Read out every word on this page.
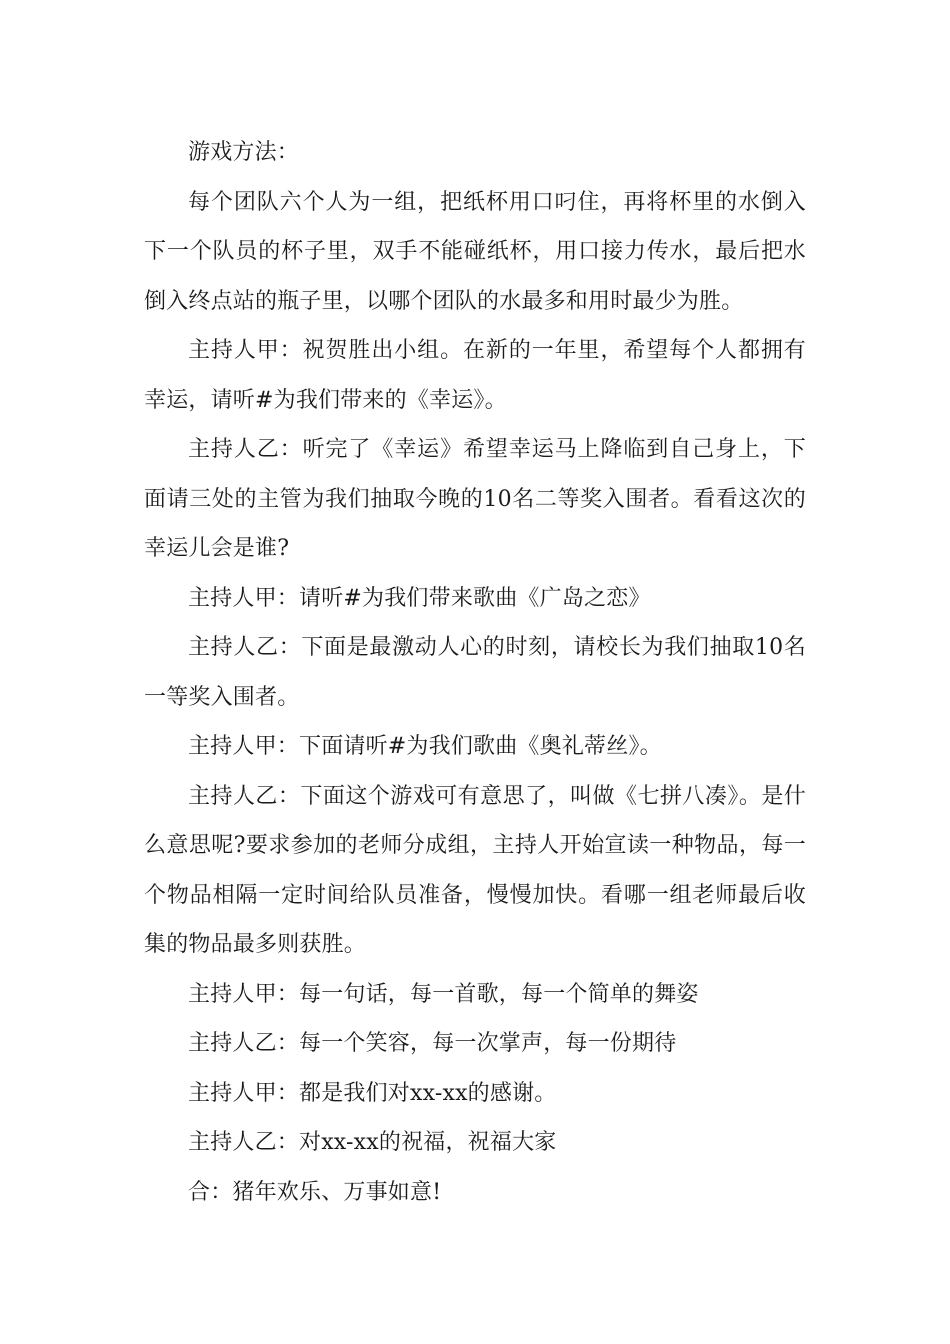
游戏方法：

每个团队六个人为一组，把纸杯用口叼住，再将杯里的水倒入下一个队员的杯子里，双手不能碰纸杯，用口接力传水，最后把水倒入终点站的瓶子里，以哪个团队的水最多和用时最少为胜。

主持人甲：祝贺胜出小组。在新的一年里，希望每个人都拥有幸运，请听#为我们带来的《幸运》。

主持人乙：听完了《幸运》希望幸运马上降临到自己身上，下面请三处的主管为我们抽取今晚的10名二等奖入围者。看看这次的幸运儿会是谁?

主持人甲：请听#为我们带来歌曲《广岛之恋》

主持人乙：下面是最激动人心的时刻，请校长为我们抽取10名一等奖入围者。

主持人甲：下面请听#为我们歌曲《奥礼蒂丝》。

主持人乙：下面这个游戏可有意思了，叫做《七拼八凑》。是什么意思呢?要求参加的老师分成组，主持人开始宣读一种物品，每一个物品相隔一定时间给队员准备，慢慢加快。看哪一组老师最后收集的物品最多则获胜。

主持人甲：每一句话，每一首歌，每一个简单的舞姿

主持人乙：每一个笑容，每一次掌声，每一份期待

主持人甲：都是我们对xx-xx的感谢。

主持人乙：对xx-xx的祝福，祝福大家

合：猪年欢乐、万事如意!
